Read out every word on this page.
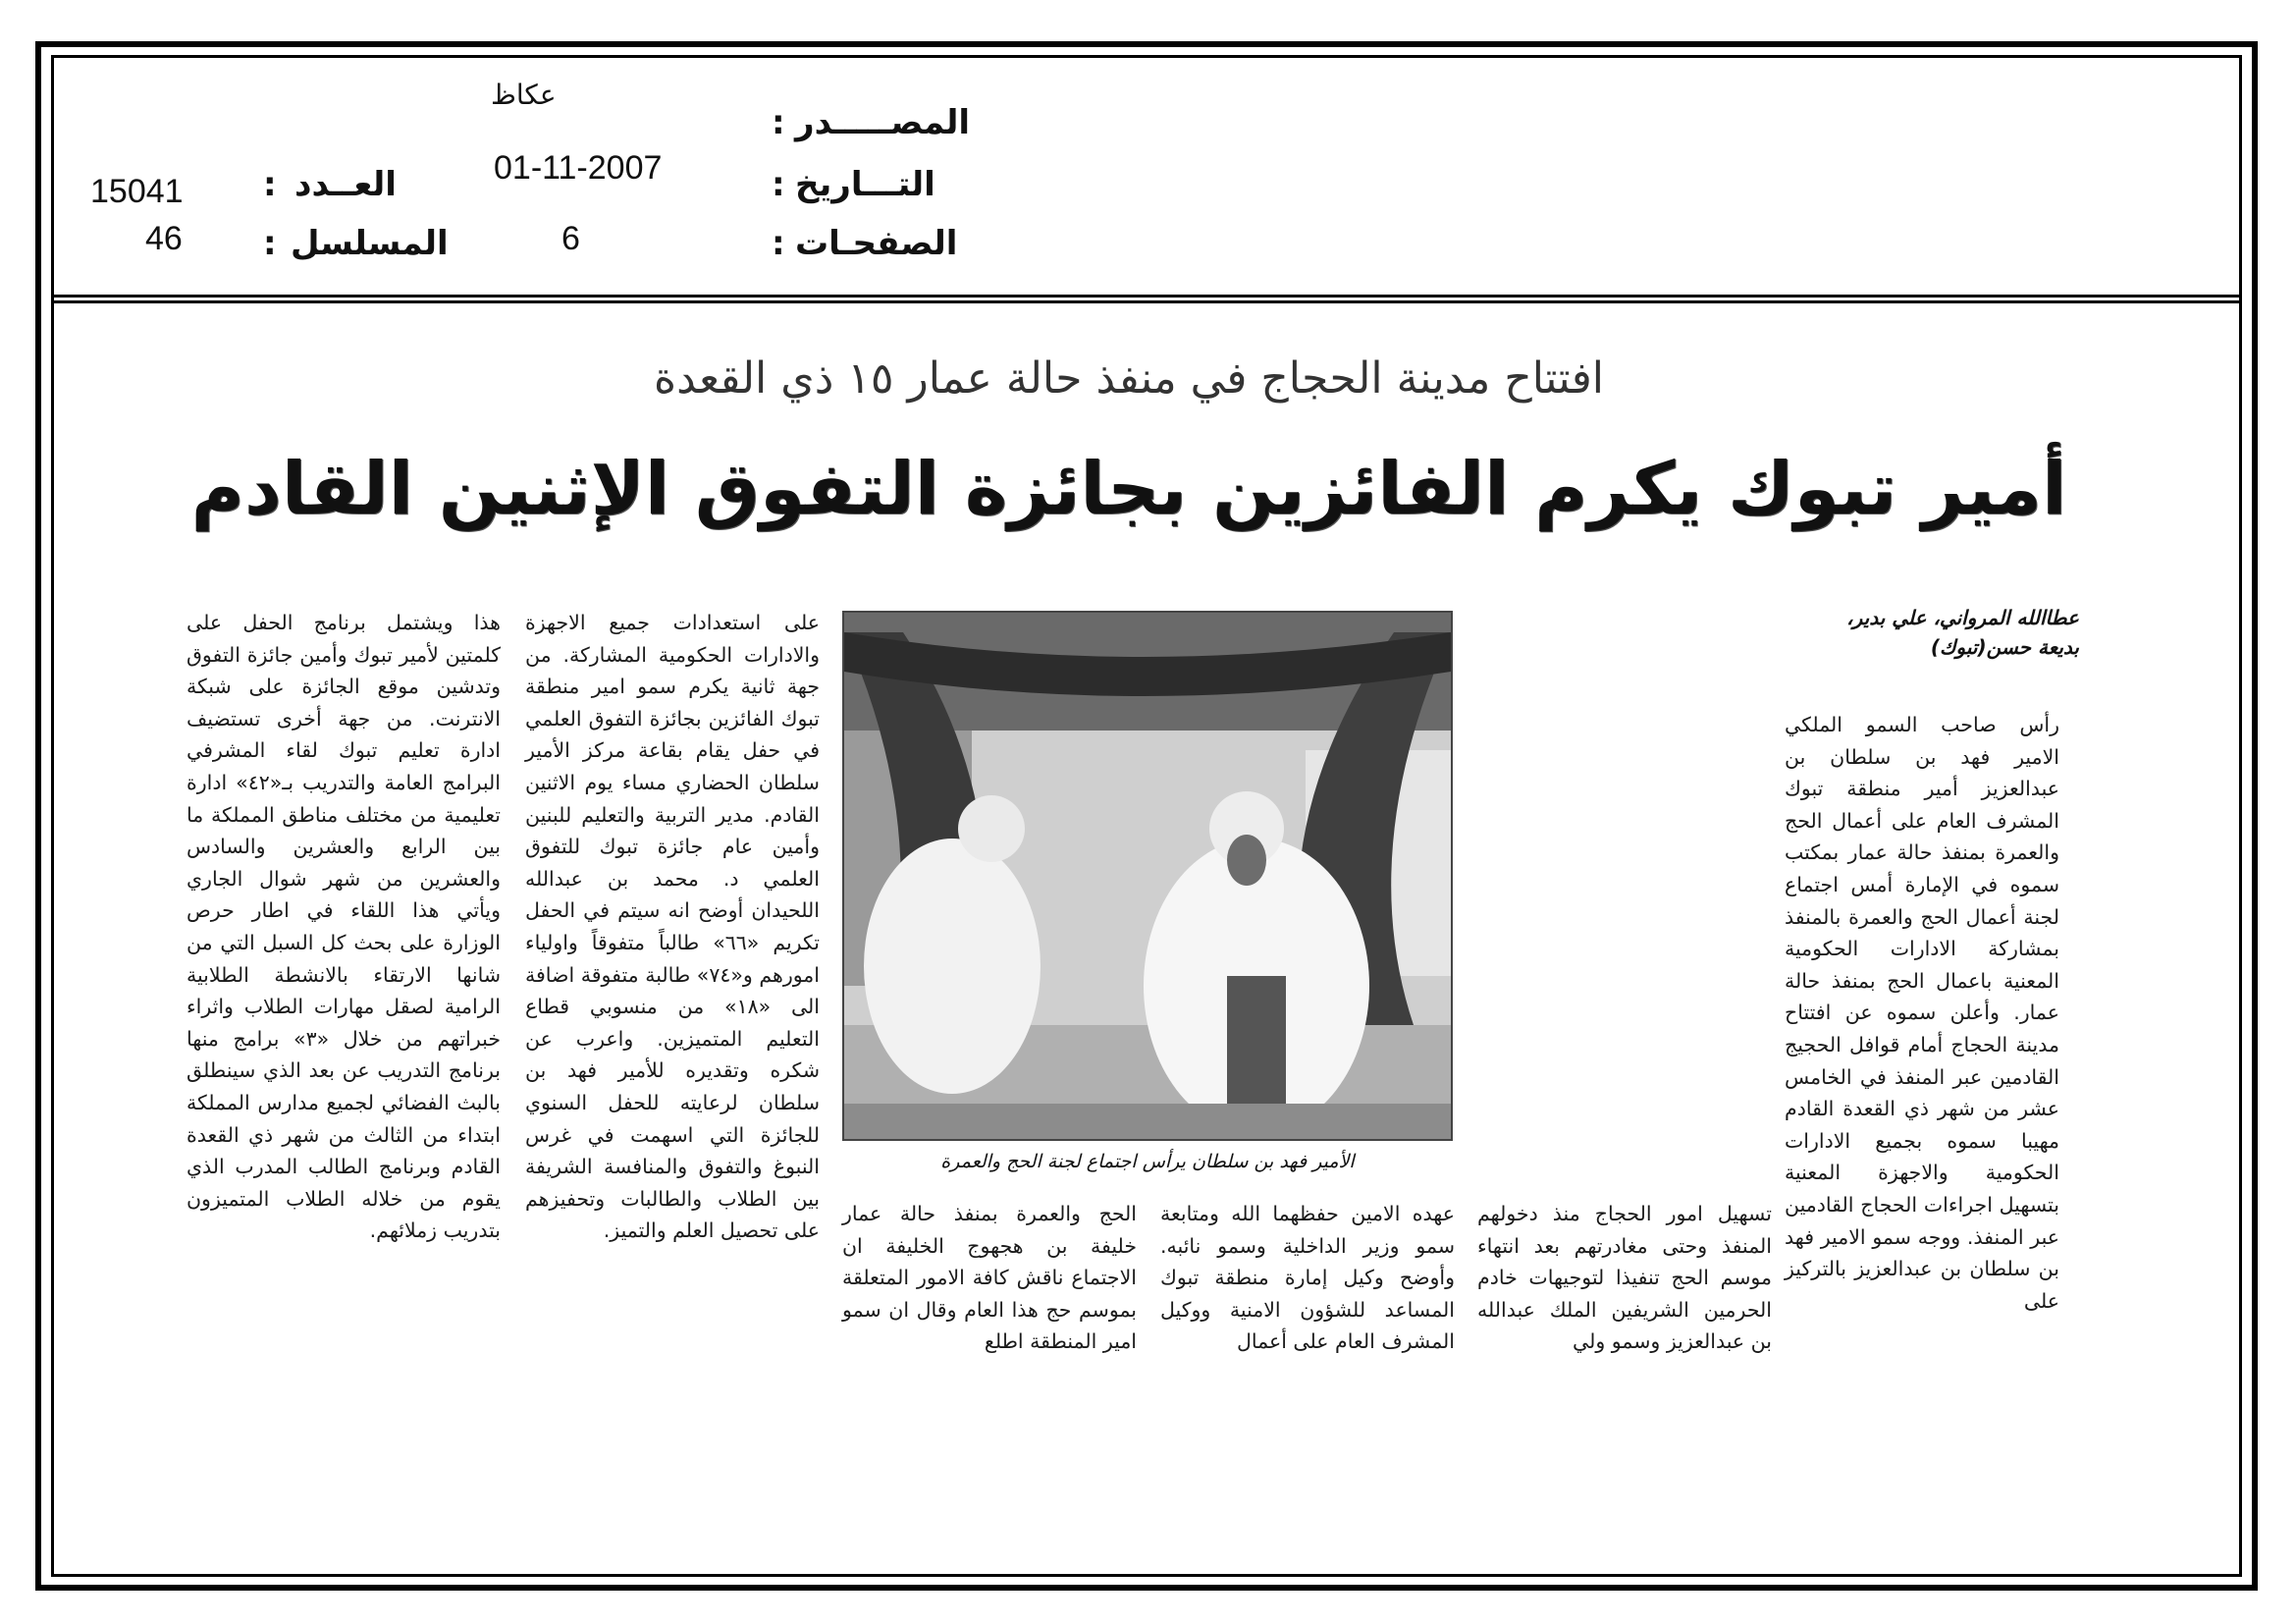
المصـــــدر
:
التـــاريخ
:
الصفحـات
:
عكاظ
01-11-2007
6
العــدد
:
المسلسل
:
15041
46
افتتاح مدينة الحجاج في منفذ حالة عمار ١٥ ذي القعدة
أمير تبوك يكرم الفائزين بجائزة التفوق الإثنين القادم
عطاالله المرواني، علي بدير،
بديعة حسن(تبوك)

رأس صاحب السمو الملكي الامير فهد بن سلطان بن عبدالعزيز أمير منطقة تبوك المشرف العام على أعمال الحج والعمرة بمنفذ حالة عمار بمكتب سموه في الإمارة أمس اجتماع لجنة أعمال الحج والعمرة بالمنفذ بمشاركة الادارات الحكومية المعنية باعمال الحج بمنفذ حالة عمار. وأعلن سموه عن افتتاح مدينة الحجاج أمام قوافل الحجيج القادمين عبر المنفذ في الخامس عشر من شهر ذي القعدة القادم مهيبا سموه بجميع الادارات الحكومية والاجهزة المعنية بتسهيل اجراءات الحجاج القادمين عبر المنفذ. ووجه سمو الامير فهد بن سلطان بن عبدالعزيز بالتركيز على

الأمير فهد بن سلطان يرأس اجتماع لجنة الحج والعمرة

على استعدادات جميع الاجهزة والادارات الحكومية المشاركة. من جهة ثانية يكرم سمو امير منطقة تبوك الفائزين بجائزة التفوق العلمي في حفل يقام بقاعة مركز الأمير سلطان الحضاري مساء يوم الاثنين القادم. مدير التربية والتعليم للبنين وأمين عام جائزة تبوك للتفوق العلمي د. محمد بن عبدالله اللحيدان أوضح انه سيتم في الحفل تكريم «٦٦» طالباً متفوقاً واولياء امورهم و«٧٤» طالبة متفوقة اضافة الى «١٨» من منسوبي قطاع التعليم المتميزين. واعرب عن شكره وتقديره للأمير فهد بن سلطان لرعايته للحفل السنوي للجائزة التي اسهمت في غرس النبوغ والتفوق والمنافسة الشريفة بين الطلاب والطالبات وتحفيزهم على تحصيل العلم والتميز.

هذا ويشتمل برنامج الحفل على كلمتين لأمير تبوك وأمين جائزة التفوق وتدشين موقع الجائزة على شبكة الانترنت. من جهة أخرى تستضيف ادارة تعليم تبوك لقاء المشرفي البرامج العامة والتدريب بـ«٤٢» ادارة تعليمية من مختلف مناطق المملكة ما بين الرابع والعشرين والسادس والعشرين من شهر شوال الجاري ويأتي هذا اللقاء في اطار حرص الوزارة على بحث كل السبل التي من شانها الارتقاء بالانشطة الطلابية الرامية لصقل مهارات الطلاب واثراء خبراتهم من خلال «٣» برامج منها برنامج التدريب عن بعد الذي سينطلق بالبث الفضائي لجميع مدارس المملكة ابتداء من الثالث من شهر ذي القعدة القادم وبرنامج الطالب المدرب الذي يقوم من خلاله الطلاب المتميزون بتدريب زملائهم.

تسهيل امور الحجاج منذ دخولهم المنفذ وحتى مغادرتهم بعد انتهاء موسم الحج تنفيذا لتوجيهات خادم الحرمين الشريفين الملك عبدالله بن عبدالعزيز وسمو ولي

عهده الامين حفظهما الله ومتابعة سمو وزير الداخلية وسمو نائبه. وأوضح وكيل إمارة منطقة تبوك المساعد للشؤون الامنية ووكيل المشرف العام على أعمال

الحج والعمرة بمنفذ حالة عمار خليفة بن هجهوج الخليفة ان الاجتماع ناقش كافة الامور المتعلقة بموسم حج هذا العام وقال ان سمو امير المنطقة اطلع
